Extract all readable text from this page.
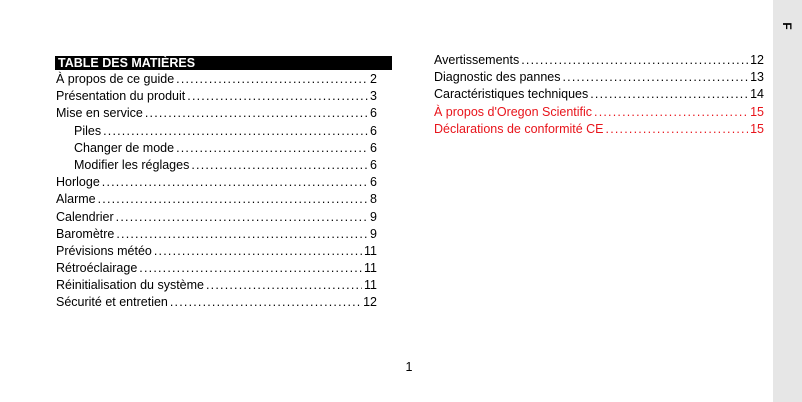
F
TABLE DES MATIÈRES
À propos de ce guide .....	2
Présentation du produit .....	3
Mise en service .....	6
Piles .....	6
Changer de mode .....	6
Modifier les réglages .....	6
Horloge .....	6
Alarme .....	8
Calendrier .....	9
Baromètre .....	9
Prévisions météo .....	11
Rétroéclairage .....	11
Réinitialisation du système .....	11
Sécurité et entretien .....	12
Avertissements .....	12
Diagnostic des pannes .....	13
Caractéristiques techniques .....	14
À propos d'Oregon Scientific .....	15
Déclarations de conformité CE .....	15
1
